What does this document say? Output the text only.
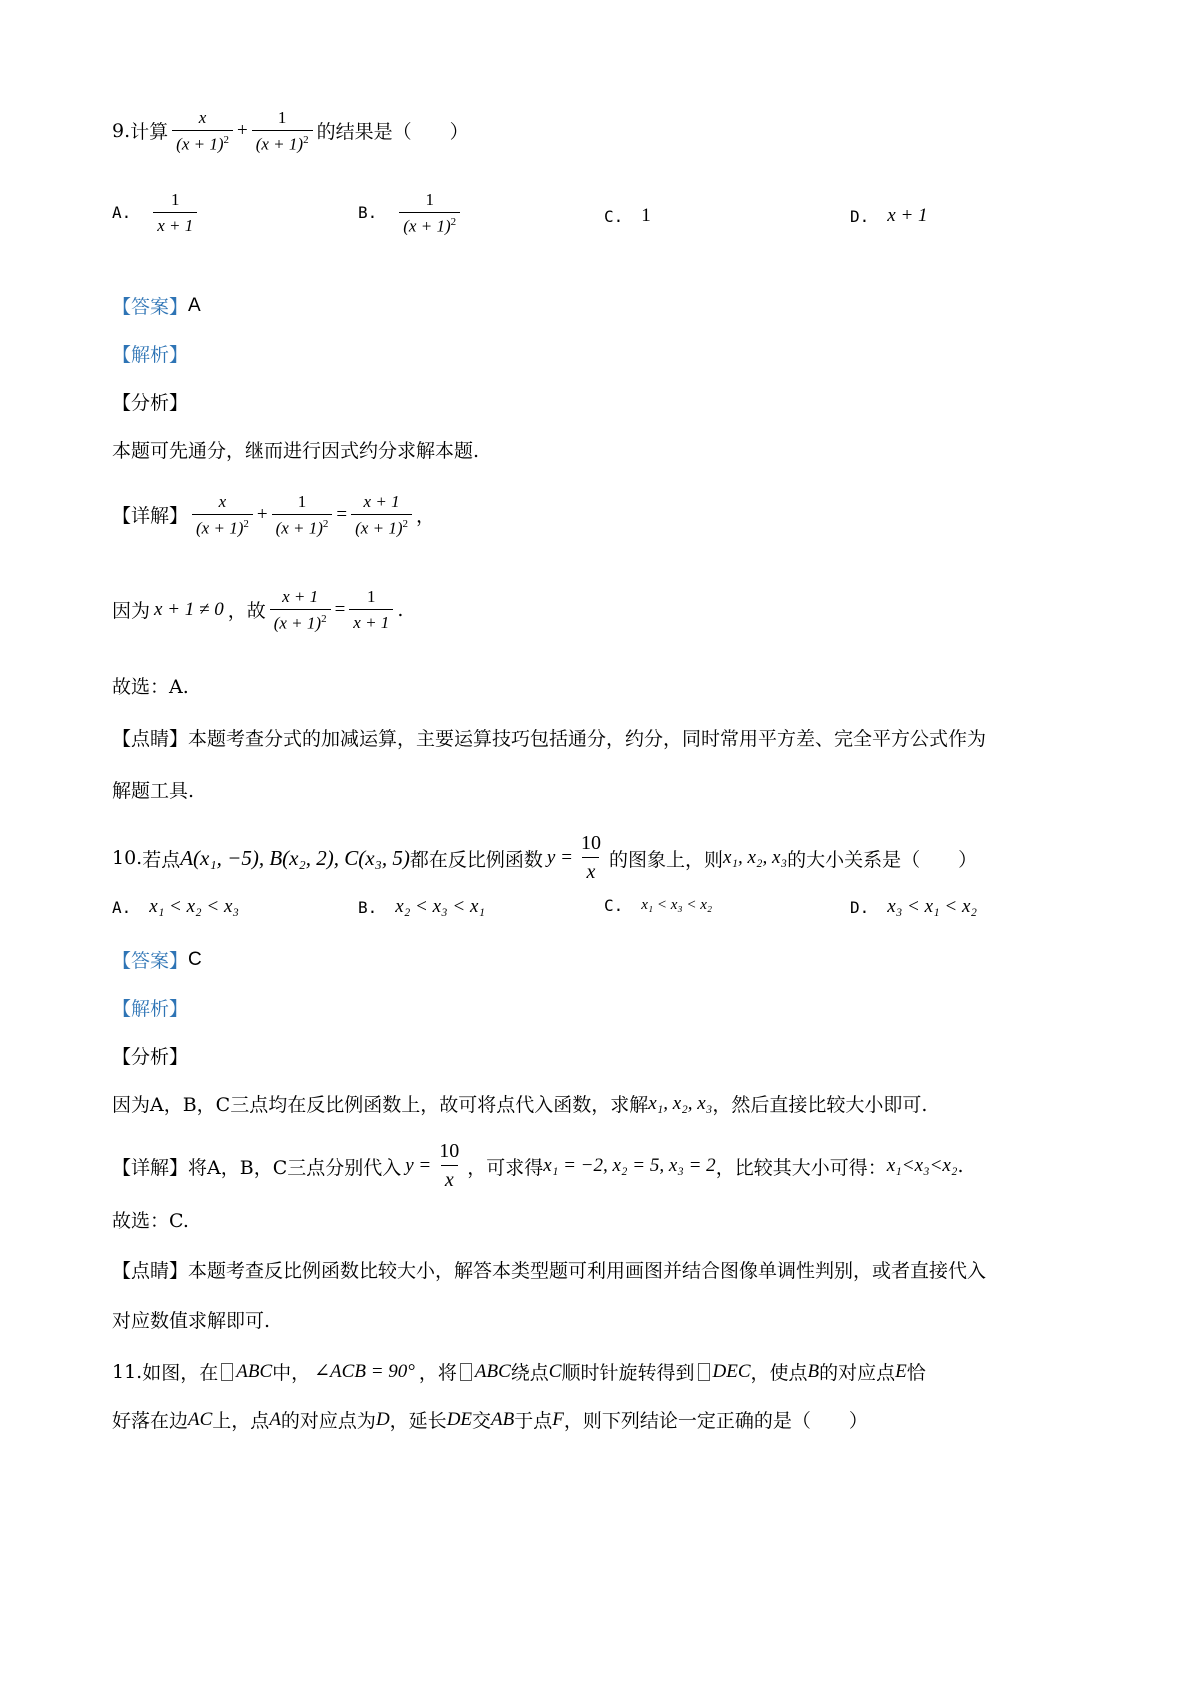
9. 计算 $\frac{x}{(x + 1)^2} + \frac{1}{(x + 1)^2}$ 的结果是（　　）
A. $\frac{1}{x + 1}$	B. $\frac{1}{(x + 1)^2}$	C. 1	D. x + 1
【答案】 A
【解析】
【分析】
本题可先通分，继而进行因式约分求解本题.
【详解】 $\frac{x}{(x + 1)^2} + \frac{1}{(x + 1)^2} = \frac{x + 1}{(x + 1)^2}$ ，
因为 x + 1 ≠ 0 ，故 $\frac{x + 1}{(x + 1)^2} = \frac{1}{x + 1}$ .
故选：A.
【点睛】 本题考查分式的加减运算，主要运算技巧包括通分，约分，同时常用平方差、完全平方公式作为
解题工具.
10. 若点 A(x₁, −5), B(x₂, 2), C(x₃, 5) 都在反比例函数 $y = \frac{10}{x}$ 的图象上，则 x₁, x₂, x₃ 的大小关系是（　　）
A. x₁ < x₂ < x₃	B. x₂ < x₃ < x₁	C. x₁ < x₃ < x₂	D. x₃ < x₁ < x₂
【答案】 C
【解析】
【分析】
因为A，B，C三点均在反比例函数上，故可将点代入函数，求解 x₁, x₂, x₃ ，然后直接比较大小即可.
【详解】 将A，B，C三点分别代入 $y = \frac{10}{x}$ ，可求得 x₁ = −2, x₂ = 5, x₃ = 2 ，比较其大小可得： x₁<x₃<x₂ .
故选：C.
【点睛】 本题考查反比例函数比较大小，解答本类型题可利用画图并结合图像单调性判别，或者直接代入
对应数值求解即可.
11. 如图，在 ABC 中， ∠ACB = 90° ，将 ABC 绕点 C 顺时针旋转得到 DEC ，使点 B 的对应点 E 恰
好落在边 AC 上，点 A 的对应点为 D ，延长 DE 交 AB 于点 F ，则下列结论一定正确的是（　　）
